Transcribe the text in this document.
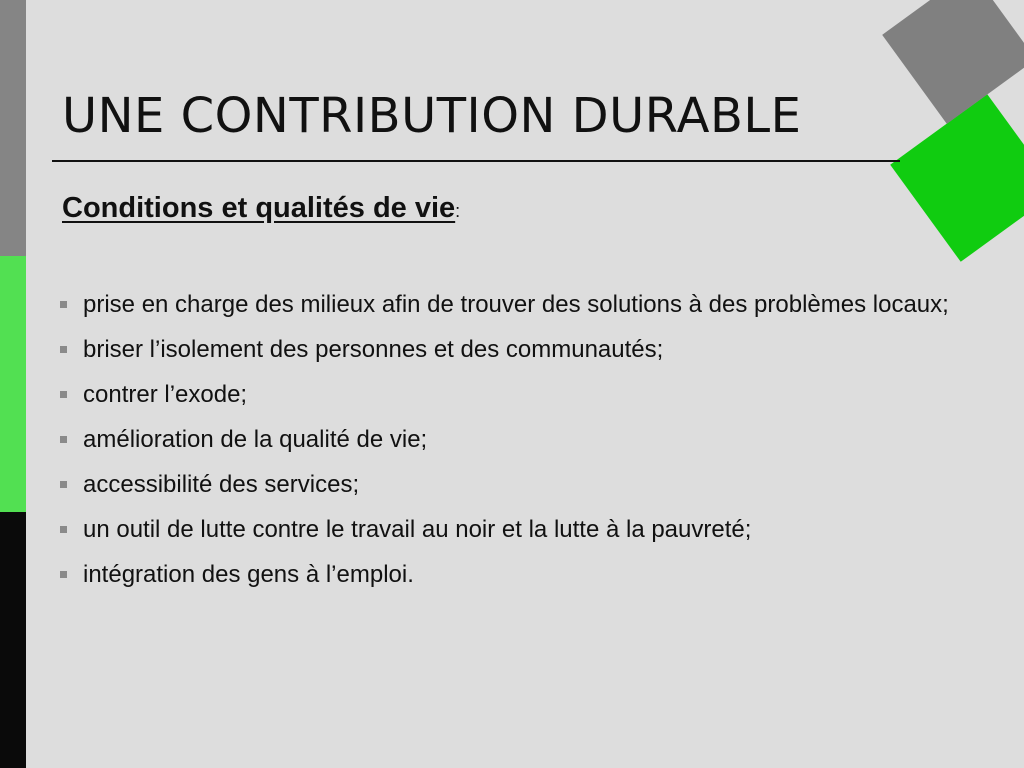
UNE CONTRIBUTION DURABLE
Conditions et qualités de vie:
prise en charge des milieux afin de trouver des solutions à des problèmes locaux;
briser l’isolement des personnes et des communautés;
contrer l’exode;
amélioration de la qualité de vie;
accessibilité des services;
un outil de lutte contre le travail au noir et la lutte à la pauvreté;
intégration des gens à l’emploi.
